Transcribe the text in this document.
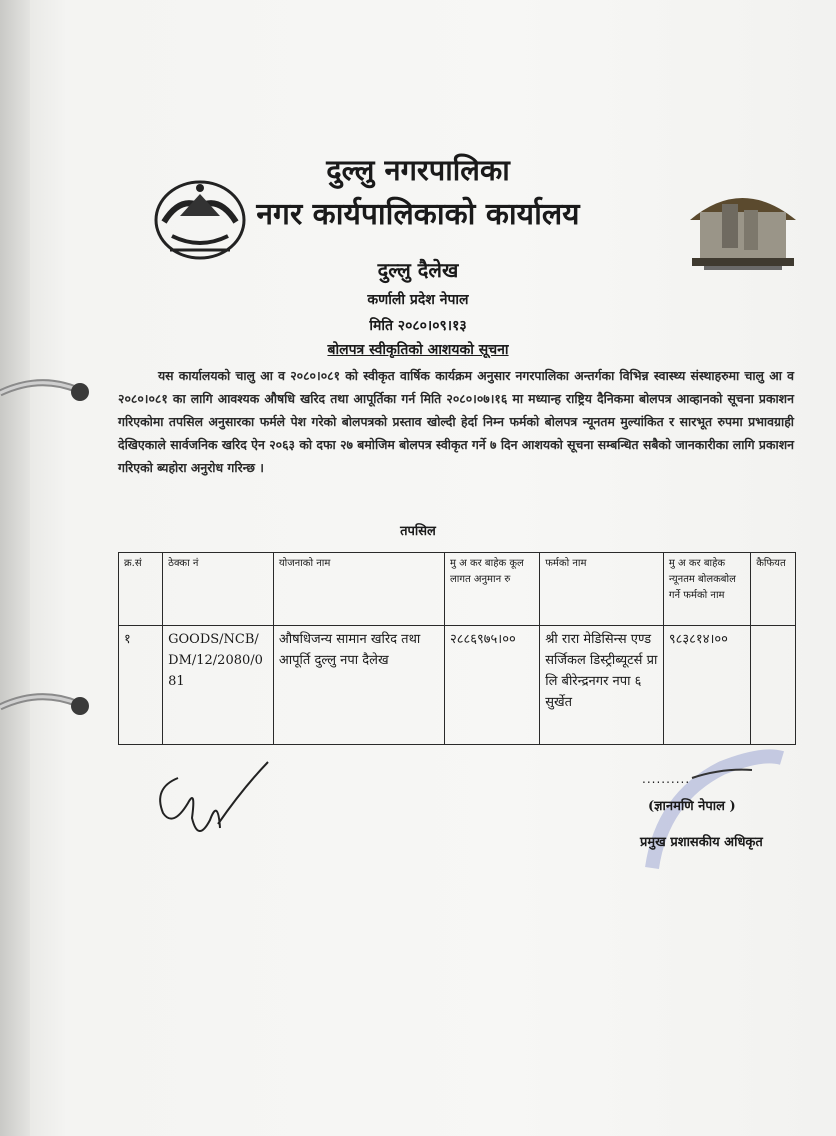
दुल्लु नगरपालिका
नगर कार्यपालिकाको कार्यालय
दुल्लु दैलेख
कर्णाली प्रदेश नेपाल
मिति २०८०।०९।१३
बोलपत्र स्वीकृतिको आशयको सूचना
यस कार्यालयको चालु आ व २०८०।०८१ को स्वीकृत वार्षिक कार्यक्रम अनुसार नगरपालिका अन्तर्गका विभिन्न स्वास्थ्य संस्थाहरुमा चालु आ व २०८०।०८१ का लागि आवश्यक औषधि खरिद तथा आपूर्तिका गर्न मिति २०८०।०७।१६ मा मध्यान्ह राष्ट्रिय दैनिकमा बोलपत्र आव्हानको सूचना प्रकाशन गरिएकोमा तपसिल अनुसारका फर्मले पेश गरेको बोलपत्रको प्रस्ताव खोल्दी हेर्दा निम्न फर्मको बोलपत्र न्यूनतम मुल्यांकित र सारभूत रुपमा प्रभावग्राही देखिएकाले सार्वजनिक खरिद ऐन २०६३ को दफा २७ बमोजिम बोलपत्र स्वीकृत गर्ने ७ दिन आशयको सूचना सम्बन्धित सबैको जानकारीका लागि प्रकाशन गरिएको ब्यहोरा अनुरोध गरिन्छ ।
तपसिल
क्र.सं	ठेक्का नं	योजनाको नाम	मु अ कर बाहेक कूल लागत अनुमान रु	फर्मको नाम	मु अ कर बाहेक न्यूनतम बोलकबोल गर्ने फर्मको नाम	कैफियत
१	GOODS/NCB/ DM/12/2080/0 81	औषधिजन्य सामान खरिद तथा आपूर्ति दुल्लु नपा दैलेख	२८८६९७५।००	श्री रारा मेडिसिन्स एण्ड सर्जिकल डिस्ट्रीब्यूटर्स प्रा लि बीरेन्द्रनगर नपा ६ सुर्खेत	९८३८१४।००	
..........
(ज्ञानमणि नेपाल )
प्रमुख प्रशासकीय अधिकृत
